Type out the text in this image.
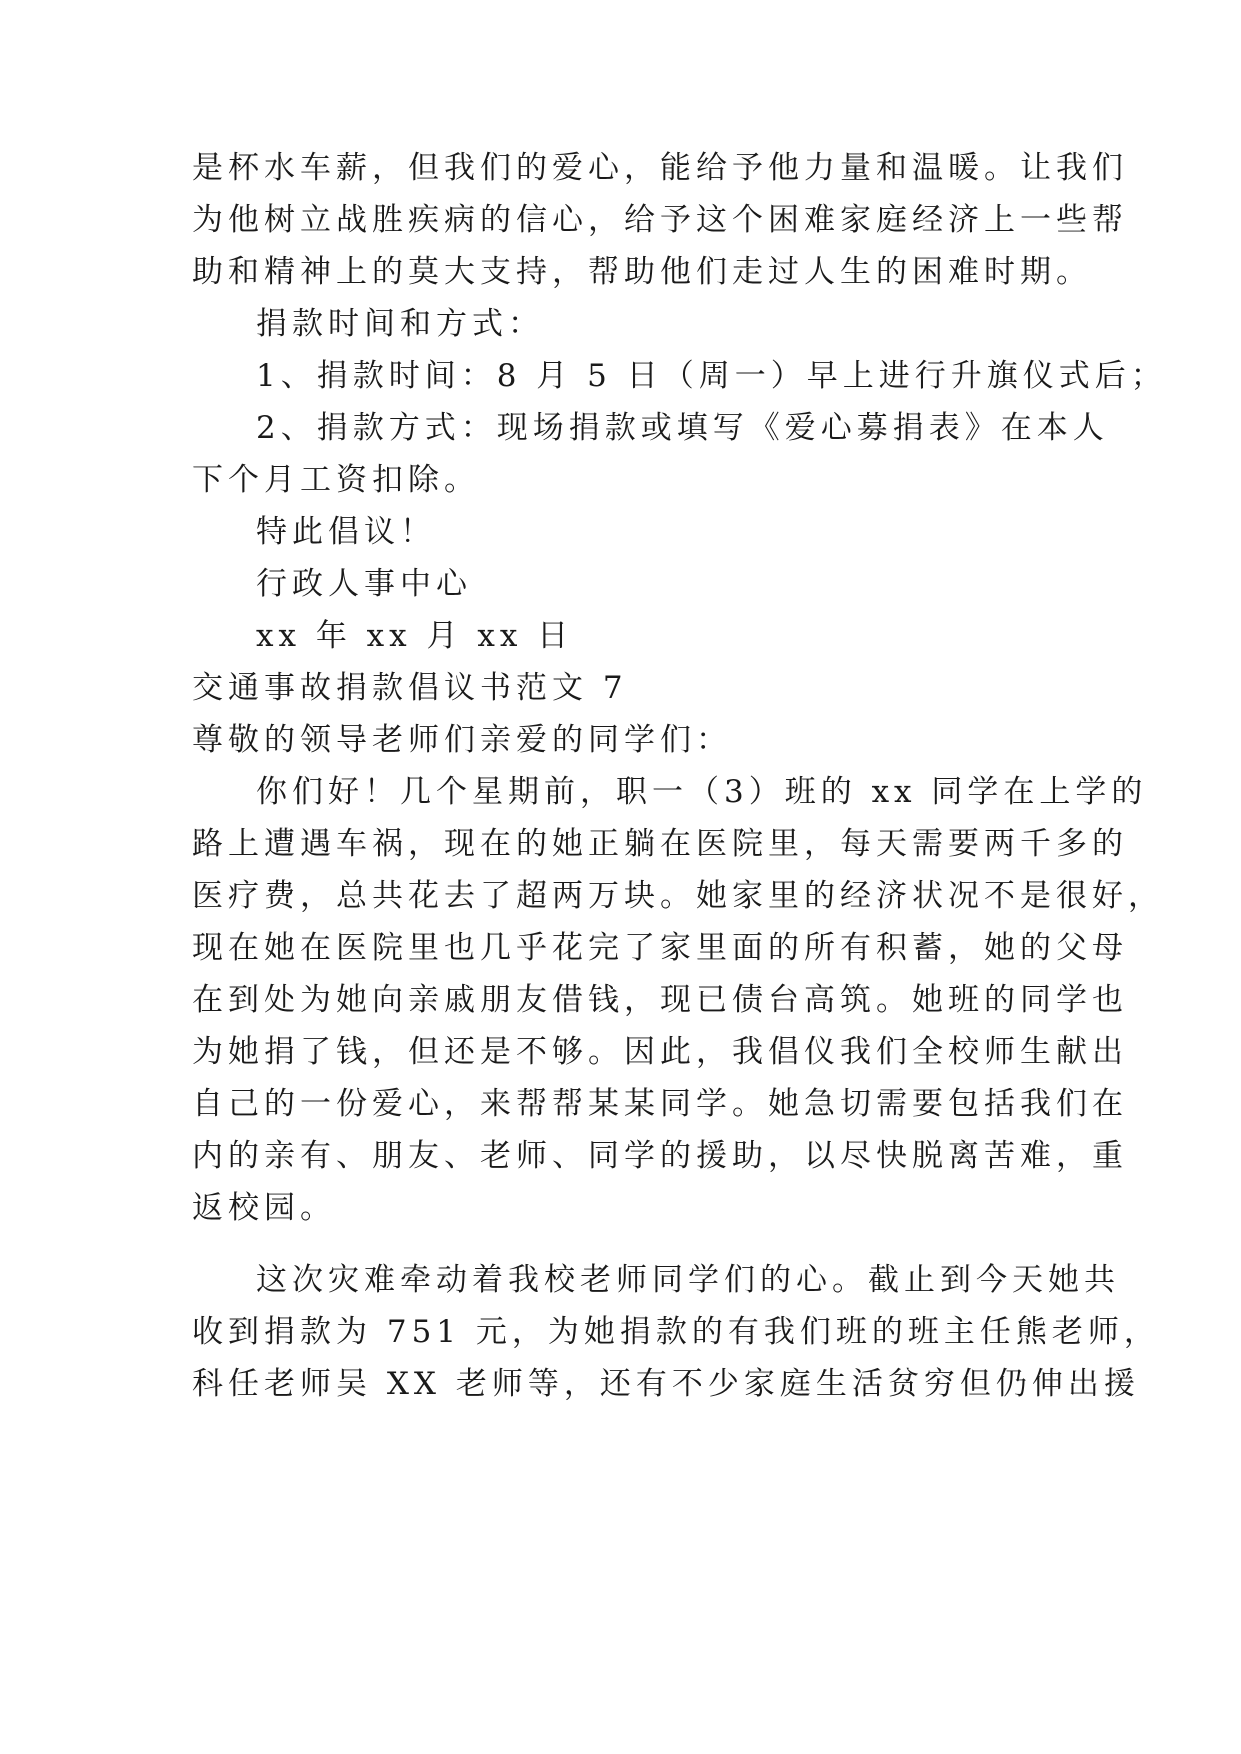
是杯水车薪，但我们的爱心，能给予他力量和温暖。让我们
为他树立战胜疾病的信心，给予这个困难家庭经济上一些帮
助和精神上的莫大支持，帮助他们走过人生的困难时期。
捐款时间和方式：
1、捐款时间：8 月 5 日（周一）早上进行升旗仪式后；
2、捐款方式：现场捐款或填写《爱心募捐表》在本人
下个月工资扣除。
特此倡议！
行政人事中心
xx 年 xx 月 xx 日
交通事故捐款倡议书范文 7
尊敬的领导老师们亲爱的同学们：
你们好！几个星期前，职一（3）班的 xx 同学在上学的
路上遭遇车祸，现在的她正躺在医院里，每天需要两千多的
医疗费，总共花去了超两万块。她家里的经济状况不是很好，
现在她在医院里也几乎花完了家里面的所有积蓄，她的父母
在到处为她向亲戚朋友借钱，现已债台高筑。她班的同学也
为她捐了钱，但还是不够。因此，我倡仪我们全校师生献出
自己的一份爱心，来帮帮某某同学。她急切需要包括我们在
内的亲有、朋友、老师、同学的援助，以尽快脱离苦难，重
返校园。
这次灾难牵动着我校老师同学们的心。截止到今天她共
收到捐款为 751 元，为她捐款的有我们班的班主任熊老师，
科任老师吴 XX 老师等，还有不少家庭生活贫穷但仍伸出援
